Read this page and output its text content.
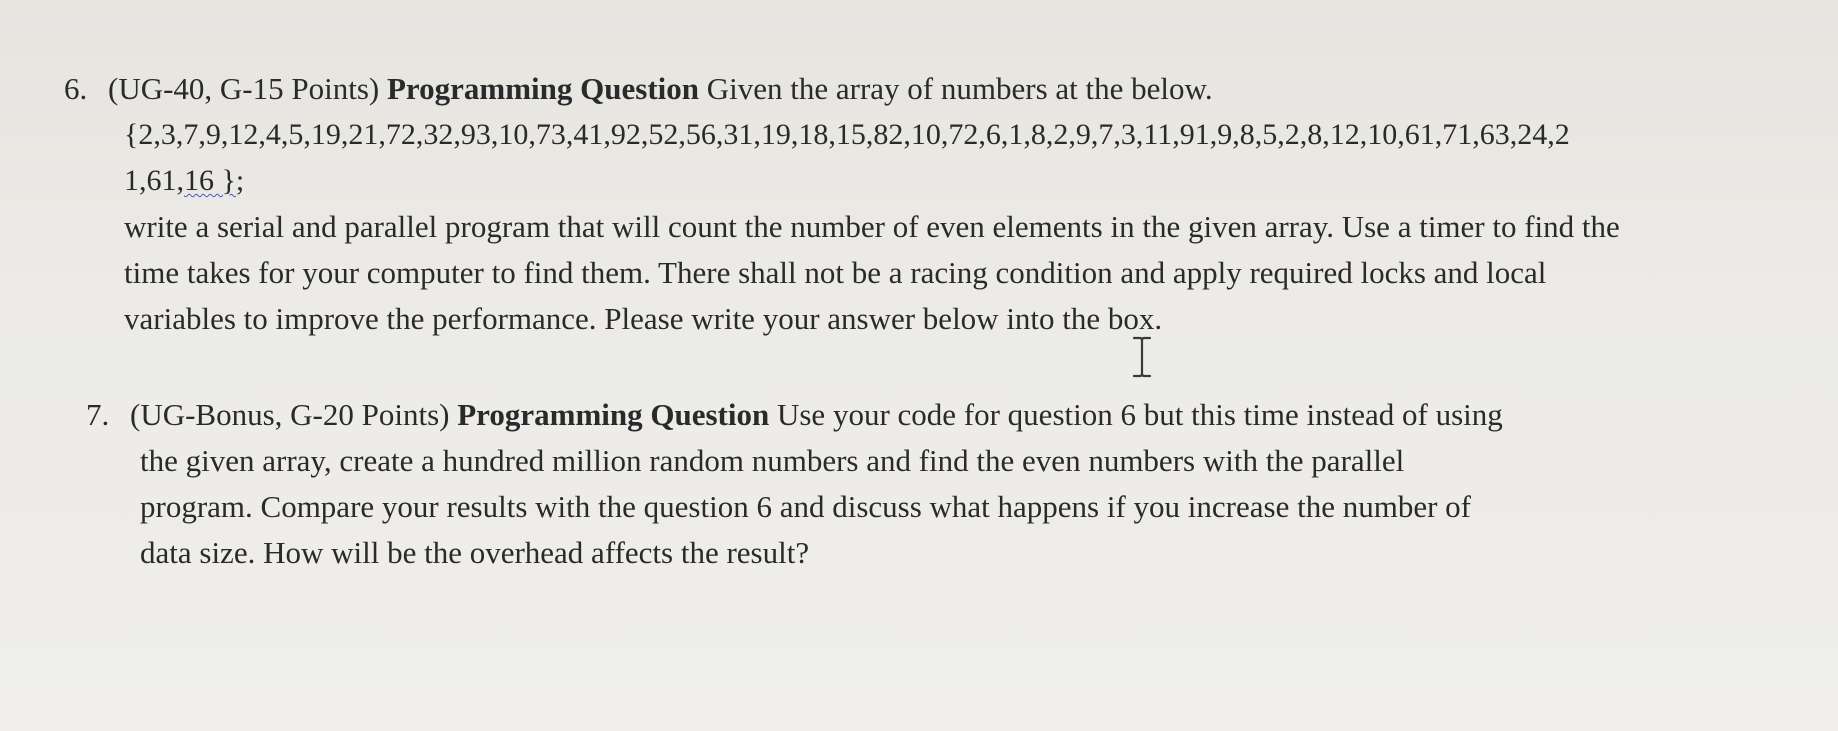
6. (UG-40, G-15 Points) Programming Question Given the array of numbers at the below.
{2,3,7,9,12,4,5,19,21,72,32,93,10,73,41,92,52,56,31,19,18,15,82,10,72,6,1,8,2,9,7,3,11,91,9,8,5,2,8,12,10,61,71,63,24,2
1,61,16 };
write a serial and parallel program that will count the number of even elements in the given array. Use a timer to find the
time takes for your computer to find them. There shall not be a racing condition and apply required locks and local
variables to improve the performance. Please write your answer below into the box.
7. (UG-Bonus, G-20 Points) Programming Question Use your code for question 6 but this time instead of using
the given array, create a hundred million random numbers and find the even numbers with the parallel
program. Compare your results with the question 6 and discuss what happens if you increase the number of
data size. How will be the overhead affects the result?
